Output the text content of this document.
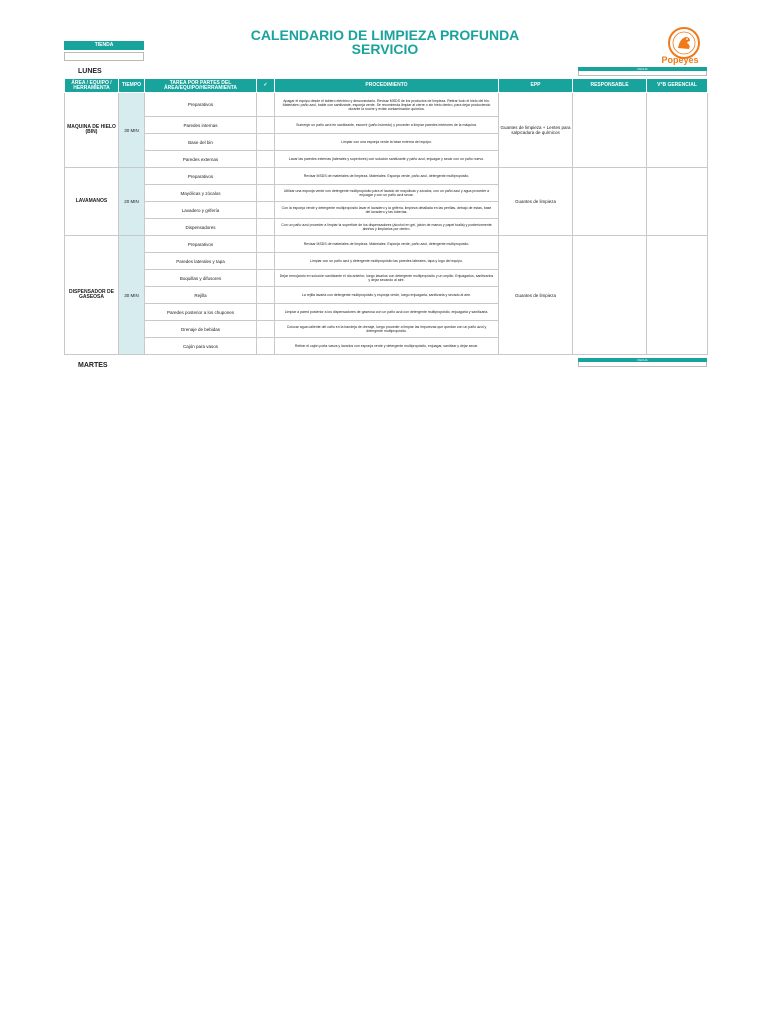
CALENDARIO DE LIMPIEZA PROFUNDA SERVICIO
Popeyes
TIENDA
LUNES	FECHA
ÁREA / EQUIPO / HERRAMIENTA	TIEMPO	TAREA POR PARTES DEL ÁREA/EQUIPO/HERRAMIENTA	✓	PROCEDIMIENTO	EPP	RESPONSABLE	V°B GERENCIAL
MAQUINA DE HIELO (BIN)	30 MIN	Preparativos		Apagar el equipo desde el tablero eléctrico y desconectarlo. Revisar MSDS de los productos de limpieza. Retirar todo el hielo del bin. Materiales: paño azul, balde con sanitizante, esponja verde. Se recomienda limpiar al cierre o sin hielo dentro, para dejar produciendo durante la noche y evitar contaminación química.	Guantes de limpieza + Lentes para salpicadura de químicos		
		Paredes internas		Sumergir un paño azul en sanitizante, escurrir (paño húmedo) y proceder a limpiar paredes interiores de la máquina.			
		Base del bin		Limpiar con una esponja verde la base externa del equipo.			
		Paredes externas		Lavar las paredes externas (laterales y superiores) con solución sanitizante y paño azul, enjuagar y secar con un paño nuevo.			
LAVAMANOS	20 MIN	Preparativos		Revisar MSDS de materiales de limpieza. Materiales: Esponja verde, paño azul, detergente multipropósito.	Guantes de limpieza		
		Mayólicas y zócalos		Utilizar una esponja verde con detergente multipropósito para el lavado de mayólicas y zócalos, con un paño azul y agua proceder a enjuagar y con un paño azul secar.			
		Lavadero y grifería		Con la esponja verde y detergente multipropósito lavar el lavadero y la grifería, limpieza detallada en las perillas, debajo de estas, base del lavadero y las tuberías.			
		Dispensadores		Con un paño azul proceder a limpiar la superficie de los dispensadores (alcohol en gel, jabón de manos y papel toalla) y posteriormente abrirlos y limpiarlos por dentro.			
DISPENSADOR DE GASEOSA	30 MIN	Preparativos		Revisar MSDS de materiales de limpieza. Materiales: Esponja verde, paño azul, detergente multipropósito.	Guantes de limpieza		
		Paredes laterales y tapa		Limpiar con un paño azul y detergente multipropósito las paredes laterales, tapa y logo del equipo.			
		Boquillas y difusores		Dejar remojando en solución sanitizante el día anterior, luego lavarlos con detergente multipropósito y un cepillo. Enjuagarlos, sanitizarlos y dejar secando al aire.			
		Rejilla		La rejilla lavarla con detergente multipropósito y esponja verde, luego enjuagarla, sanitizarla y secado al aire.			
		Paredes posterior a los chupones		Limpiar a pared posterior a los dispensadores de gaseosa con un paño azul con detergente multipropósito, enjuagarla y sanitizarla.			
		Drenaje de bebidas		Colocar agua caliente del caño en la bandeja de drenaje, luego proceder a limpiar las impurezas que quedan con un paño azul y detergente multipropósito.			
		Cajón para vasos		Retirar el cajón porta vasos y lavarlos con esponja verde y detergente multipropósito, enjuagar, sanitizar y dejar secar.			
MARTES
FECHA
